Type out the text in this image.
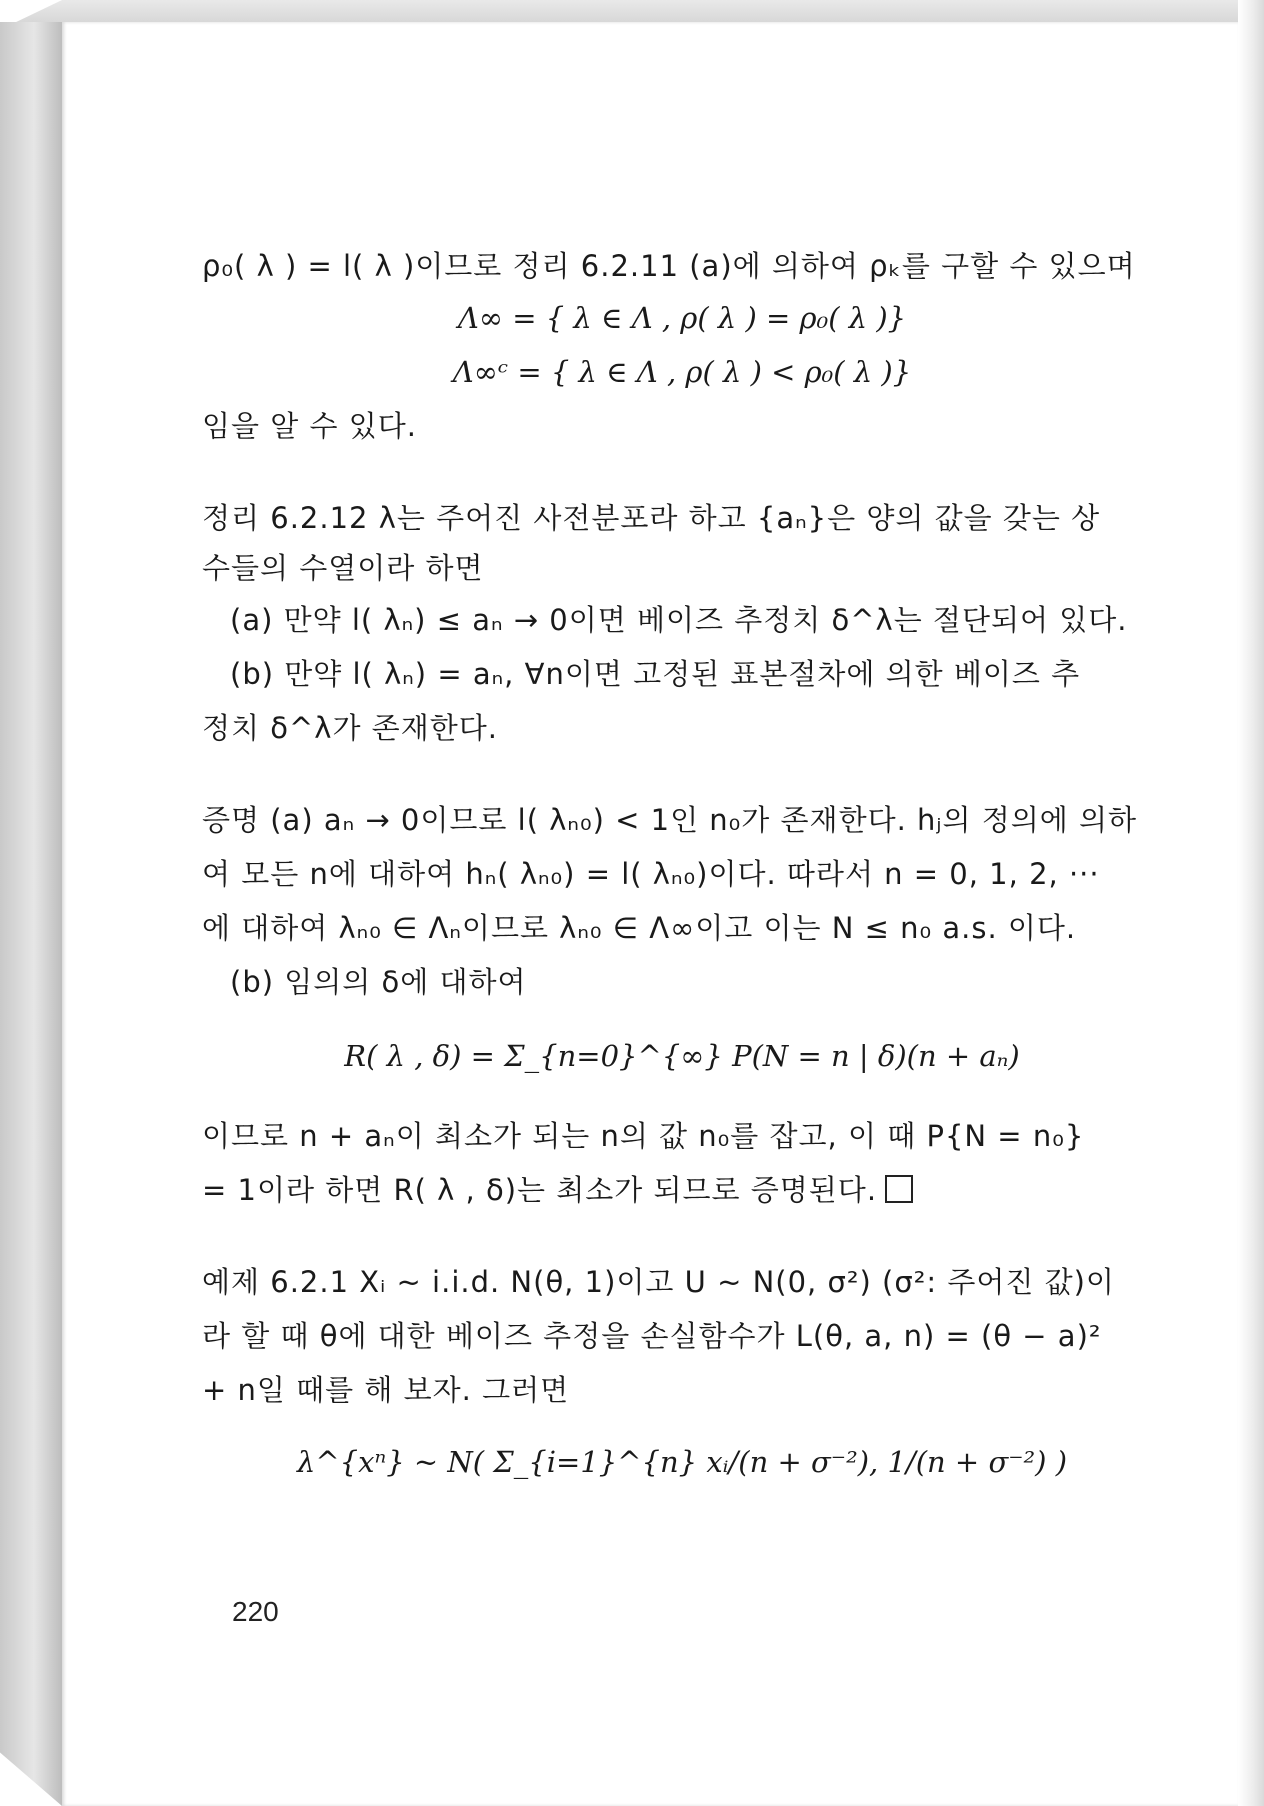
ρ₀( λ ) = l( λ )이므로 정리 6.2.11 (a)에 의하여 ρₖ를 구할 수 있으며
Λ∞ = { λ ∈ Λ , ρ( λ ) = ρ₀( λ )}
Λ∞ᶜ = { λ ∈ Λ , ρ( λ ) < ρ₀( λ )}
임을 알 수 있다.
정리 6.2.12 λ는 주어진 사전분포라 하고 {aₙ}은 양의 값을 갖는 상
수들의 수열이라 하면
(a) 만약 l( λₙ) ≤ aₙ → 0이면 베이즈 추정치 δ^λ는 절단되어 있다.
(b) 만약 l( λₙ) = aₙ, ∀n이면 고정된 표본절차에 의한 베이즈 추
정치 δ^λ가 존재한다.
증명 (a) aₙ → 0이므로 l( λₙ₀) < 1인 n₀가 존재한다. hⱼ의 정의에 의하
여 모든 n에 대하여 hₙ( λₙ₀) = l( λₙ₀)이다. 따라서 n = 0, 1, 2, ···
에 대하여 λₙ₀ ∈ Λₙ이므로 λₙ₀ ∈ Λ∞이고 이는 N ≤ n₀ a.s. 이다.
(b) 임의의 δ에 대하여
R( λ , δ) = Σ_{n=0}^{∞} P(N = n | δ)(n + aₙ)
이므로 n + aₙ이 최소가 되는 n의 값 n₀를 잡고, 이 때 P{N = n₀}
= 1이라 하면 R( λ , δ)는 최소가 되므로 증명된다.
예제 6.2.1 Xᵢ ~ i.i.d. N(θ, 1)이고 U ~ N(0, σ²) (σ²: 주어진 값)이
라 할 때 θ에 대한 베이즈 추정을 손실함수가 L(θ, a, n) = (θ − a)²
+ n일 때를 해 보자. 그러면
λ^{xⁿ} ~ N( Σ_{i=1}^{n} xᵢ/(n + σ⁻²), 1/(n + σ⁻²) )
220
